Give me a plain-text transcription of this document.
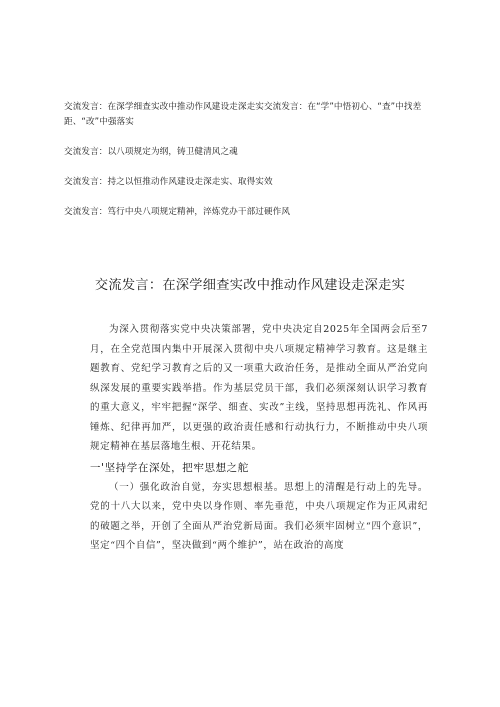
交流发言：在深学细查实改中推动作风建设走深走实交流发言：在“学”中悟初心、“查”中找差距、“改”中强落实
交流发言：以八项规定为纲，铸卫健清风之魂
交流发言：持之以恒推动作风建设走深走实、取得实效
交流发言：笃行中央八项规定精神，淬炼党办干部过硬作风
交流发言：在深学细查实改中推动作风建设走深走实

为深入贯彻落实党中央决策部署，党中央决定自2025年全国两会后至7月，在全党范围内集中开展深入贯彻中央八项规定精神学习教育。这是继主题教育、党纪学习教育之后的又一项重大政治任务，是推动全面从严治党向纵深发展的重要实践举措。作为基层党员干部，我们必须深刻认识学习教育的重大意义，牢牢把握“深学、细查、实改”主线，坚持思想再洗礼、作风再锤炼、纪律再加严，以更强的政治责任感和行动执行力，不断推动中央八项规定精神在基层落地生根、开花结果。

一'坚持学在深处，把牢思想之舵

（一）强化政治自觉，夯实思想根基。思想上的清醒是行动上的先导。党的十八大以来，党中央以身作则、率先垂范，中央八项规定作为正风肃纪的破题之举，开创了全面从严治党新局面。我们必须牢固树立“四个意识”，坚定“四个自信”，坚决做到“两个维护”，站在政治的高度
